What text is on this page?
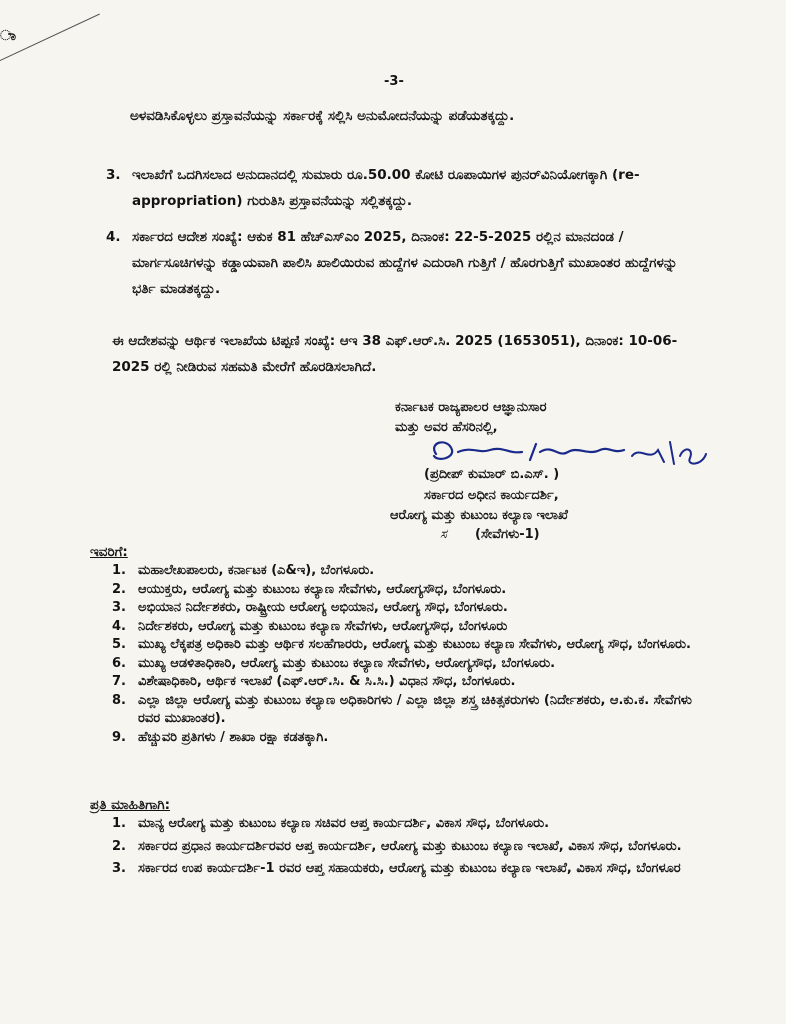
ಾ
-3-
ಅಳವಡಿಸಿಕೊಳ್ಳಲು ಪ್ರಸ್ತಾವನೆಯನ್ನು ಸರ್ಕಾರಕ್ಕೆ ಸಲ್ಲಿಸಿ ಅನುಮೋದನೆಯನ್ನು ಪಡೆಯತಕ್ಕದ್ದು.
3. ಇಲಾಖೆಗೆ ಒದಗಿಸಲಾದ ಅನುದಾನದಲ್ಲಿ ಸುಮಾರು ರೂ.50.00 ಕೋಟಿ ರೂಪಾಯಿಗಳ ಪುನರ್‌ವಿನಿಯೋಗಕ್ಕಾಗಿ (re-appropriation) ಗುರುತಿಸಿ ಪ್ರಸ್ತಾವನೆಯನ್ನು ಸಲ್ಲಿತಕ್ಕದ್ದು.
4. ಸರ್ಕಾರದ ಆದೇಶ ಸಂಖ್ಯೆ: ಆಕುಕ 81 ಹೆಚ್‌ಎಸ್‌ಎಂ 2025, ದಿನಾಂಕ: 22-5-2025 ರಲ್ಲಿನ ಮಾನದಂಡ / ಮಾರ್ಗಸೂಚಿಗಳನ್ನು ಕಡ್ಡಾಯವಾಗಿ ಪಾಲಿಸಿ ಖಾಲಿಯಿರುವ ಹುದ್ದೆಗಳ ಎದುರಾಗಿ ಗುತ್ತಿಗೆ / ಹೊರಗುತ್ತಿಗೆ ಮುಖಾಂತರ ಹುದ್ದೆಗಳನ್ನು ಭರ್ತಿ ಮಾಡತಕ್ಕದ್ದು.
ಈ ಆದೇಶವನ್ನು ಆರ್ಥಿಕ ಇಲಾಖೆಯ ಟಿಪ್ಪಣಿ ಸಂಖ್ಯೆ: ಆಇ 38 ಎಫ್.ಆರ್.ಸಿ. 2025 (1653051), ದಿನಾಂಕ: 10-06-2025 ರಲ್ಲಿ ನೀಡಿರುವ ಸಹಮತಿ ಮೇರೆಗೆ ಹೊರಡಿಸಲಾಗಿದೆ.
ಕರ್ನಾಟಕ ರಾಜ್ಯಪಾಲರ ಆಜ್ಞಾನುಸಾರ
ಮತ್ತು ಅವರ ಹೆಸರಿನಲ್ಲಿ,
(ಪ್ರದೀಪ್ ಕುಮಾರ್ ಬಿ.ಎಸ್. )
ಸರ್ಕಾರದ ಅಧೀನ ಕಾರ್ಯದರ್ಶಿ,
ಆರೋಗ್ಯ ಮತ್ತು ಕುಟುಂಬ ಕಲ್ಯಾಣ ಇಲಾಖೆ
ಸ (ಸೇವೆಗಳು-1)
ಇವರಿಗೆ:
1. ಮಹಾಲೇಖಪಾಲರು, ಕರ್ನಾಟಕ (ಎ&ಇ), ಬೆಂಗಳೂರು.
2. ಆಯುಕ್ತರು, ಆರೋಗ್ಯ ಮತ್ತು ಕುಟುಂಬ ಕಲ್ಯಾಣ ಸೇವೆಗಳು, ಆರೋಗ್ಯಸೌಧ, ಬೆಂಗಳೂರು.
3. ಅಭಿಯಾನ ನಿರ್ದೇಶಕರು, ರಾಷ್ಟ್ರೀಯ ಆರೋಗ್ಯ ಅಭಿಯಾನ, ಆರೋಗ್ಯ ಸೌಧ, ಬೆಂಗಳೂರು.
4. ನಿರ್ದೇಶಕರು, ಆರೋಗ್ಯ ಮತ್ತು ಕುಟುಂಬ ಕಲ್ಯಾಣ ಸೇವೆಗಳು, ಆರೋಗ್ಯಸೌಧ, ಬೆಂಗಳೂರು
5. ಮುಖ್ಯ ಲೆಕ್ಕಪತ್ರ ಅಧಿಕಾರಿ ಮತ್ತು ಆರ್ಥಿಕ ಸಲಹೆಗಾರರು, ಆರೋಗ್ಯ ಮತ್ತು ಕುಟುಂಬ ಕಲ್ಯಾಣ ಸೇವೆಗಳು, ಆರೋಗ್ಯ ಸೌಧ, ಬೆಂಗಳೂರು.
6. ಮುಖ್ಯ ಆಡಳಿತಾಧಿಕಾರಿ, ಆರೋಗ್ಯ ಮತ್ತು ಕುಟುಂಬ ಕಲ್ಯಾಣ ಸೇವೆಗಳು, ಆರೋಗ್ಯಸೌಧ, ಬೆಂಗಳೂರು.
7. ವಿಶೇಷಾಧಿಕಾರಿ, ಆರ್ಥಿಕ ಇಲಾಖೆ (ಎಫ್.ಆರ್.ಸಿ. & ಸಿ.ಸಿ.) ವಿಧಾನ ಸೌಧ, ಬೆಂಗಳೂರು.
8. ಎಲ್ಲಾ ಜಿಲ್ಲಾ ಆರೋಗ್ಯ ಮತ್ತು ಕುಟುಂಬ ಕಲ್ಯಾಣ ಅಧಿಕಾರಿಗಳು / ಎಲ್ಲಾ ಜಿಲ್ಲಾ ಶಸ್ತ್ರ ಚಿಕಿತ್ಸಕರುಗಳು (ನಿರ್ದೇಶಕರು, ಆ.ಕು.ಕ. ಸೇವೆಗಳು ರವರ ಮುಖಾಂತರ).
9. ಹೆಚ್ಚುವರಿ ಪ್ರತಿಗಳು / ಶಾಖಾ ರಕ್ಷಾ ಕಡತಕ್ಕಾಗಿ.
ಪ್ರತಿ ಮಾಹಿತಿಗಾಗಿ:
1. ಮಾನ್ಯ ಆರೋಗ್ಯ ಮತ್ತು ಕುಟುಂಬ ಕಲ್ಯಾಣ ಸಚಿವರ ಆಪ್ತ ಕಾರ್ಯದರ್ಶಿ, ವಿಕಾಸ ಸೌಧ, ಬೆಂಗಳೂರು.
2. ಸರ್ಕಾರದ ಪ್ರಧಾನ ಕಾರ್ಯದರ್ಶಿರವರ ಆಪ್ತ ಕಾರ್ಯದರ್ಶಿ, ಆರೋಗ್ಯ ಮತ್ತು ಕುಟುಂಬ ಕಲ್ಯಾಣ ಇಲಾಖೆ, ವಿಕಾಸ ಸೌಧ, ಬೆಂಗಳೂರು.
3. ಸರ್ಕಾರದ ಉಪ ಕಾರ್ಯದರ್ಶಿ-1 ರವರ ಆಪ್ತ ಸಹಾಯಕರು, ಆರೋಗ್ಯ ಮತ್ತು ಕುಟುಂಬ ಕಲ್ಯಾಣ ಇಲಾಖೆ, ವಿಕಾಸ ಸೌಧ, ಬೆಂಗಳೂರ
